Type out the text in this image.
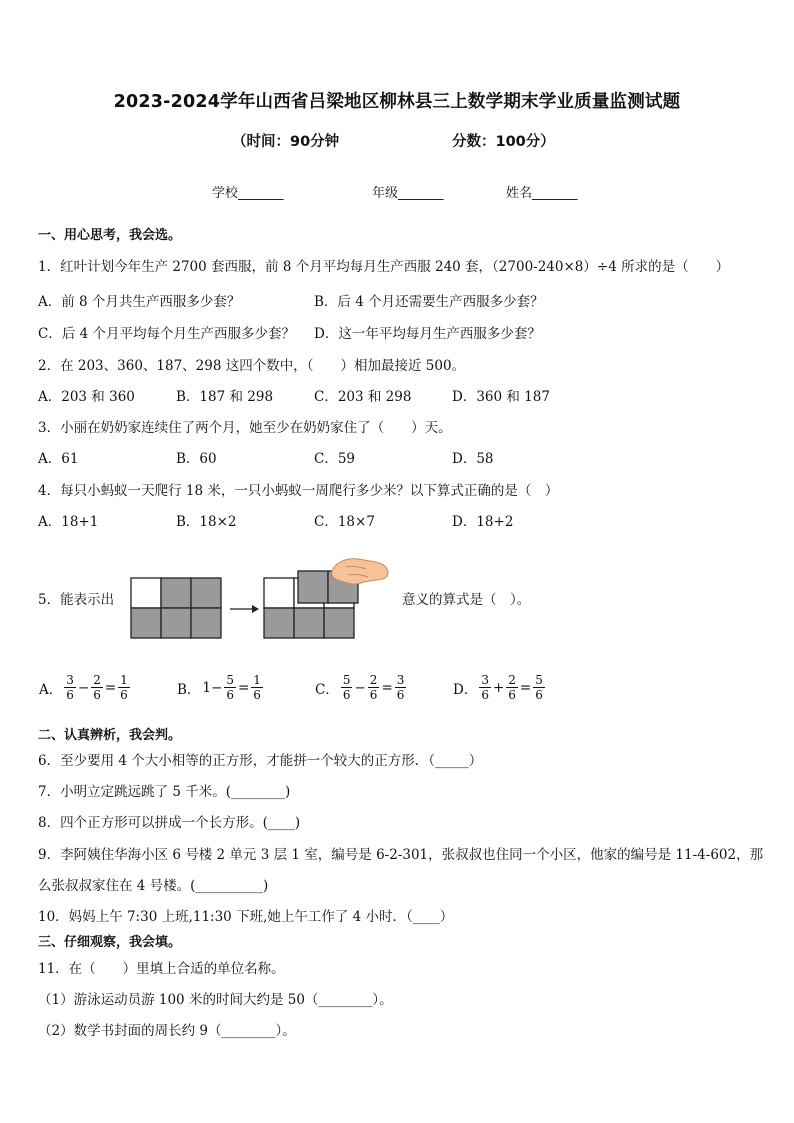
2023-2024学年山西省吕梁地区柳林县三上数学期末学业质量监测试题
（时间：90分钟	分数：100分）
学校_______	年级_______	姓名_______
一、用心思考，我会选。
1．红叶计划今年生产 2700 套西服，前 8 个月平均每月生产西服 240 套，（2700-240×8）÷4 所求的是（　　）
A．前 8 个月共生产西服多少套？	B．后 4 个月还需要生产西服多少套？
C．后 4 个月平均每个月生产西服多少套？ D．这一年平均每月生产西服多少套？
2．在 203、360、187、298 这四个数中，（　　）相加最接近 500。
A．203 和 360	B．187 和 298	C．203 和 298	D．360 和 187
3．小丽在奶奶家连续住了两个月，她至少在奶奶家住了（　　）天。
A．61	B．60	C．59	D．58
4．每只小蚂蚁一天爬行 18 米，一只小蚂蚁一周爬行多少米？以下算式正确的是（　）
A．18+1	B．18×2	C．18×7	D．18+2
5．能表示出	意义的算式是（　）。
A． $\frac{3}{6} - \frac{2}{6} = \frac{1}{6}$	B． $1- \frac{5}{6} = \frac{1}{6}$	C． $\frac{5}{6} - \frac{2}{6} = \frac{3}{6}$	D． $\frac{3}{6} + \frac{2}{6} = \frac{5}{6}$
二、认真辨析，我会判。
6．至少要用 4 个大小相等的正方形，才能拼一个较大的正方形．（_____）
7．小明立定跳远跳了 5 千米。(________)
8．四个正方形可以拼成一个长方形。(____)
9．李阿姨住华海小区 6 号楼 2 单元 3 层 1 室，编号是 6-2-301，张叔叔也住同一个小区，他家的编号是 11-4-602，那
么张叔叔家住在 4 号楼。(__________)
10．妈妈上午 7:30 上班,11:30 下班,她上午工作了 4 小时．（____）
三、仔细观察，我会填。
11．在（　　）里填上合适的单位名称。
（1）游泳运动员游 100 米的时间大约是 50（________）。
（2）数学书封面的周长约 9（________）。
